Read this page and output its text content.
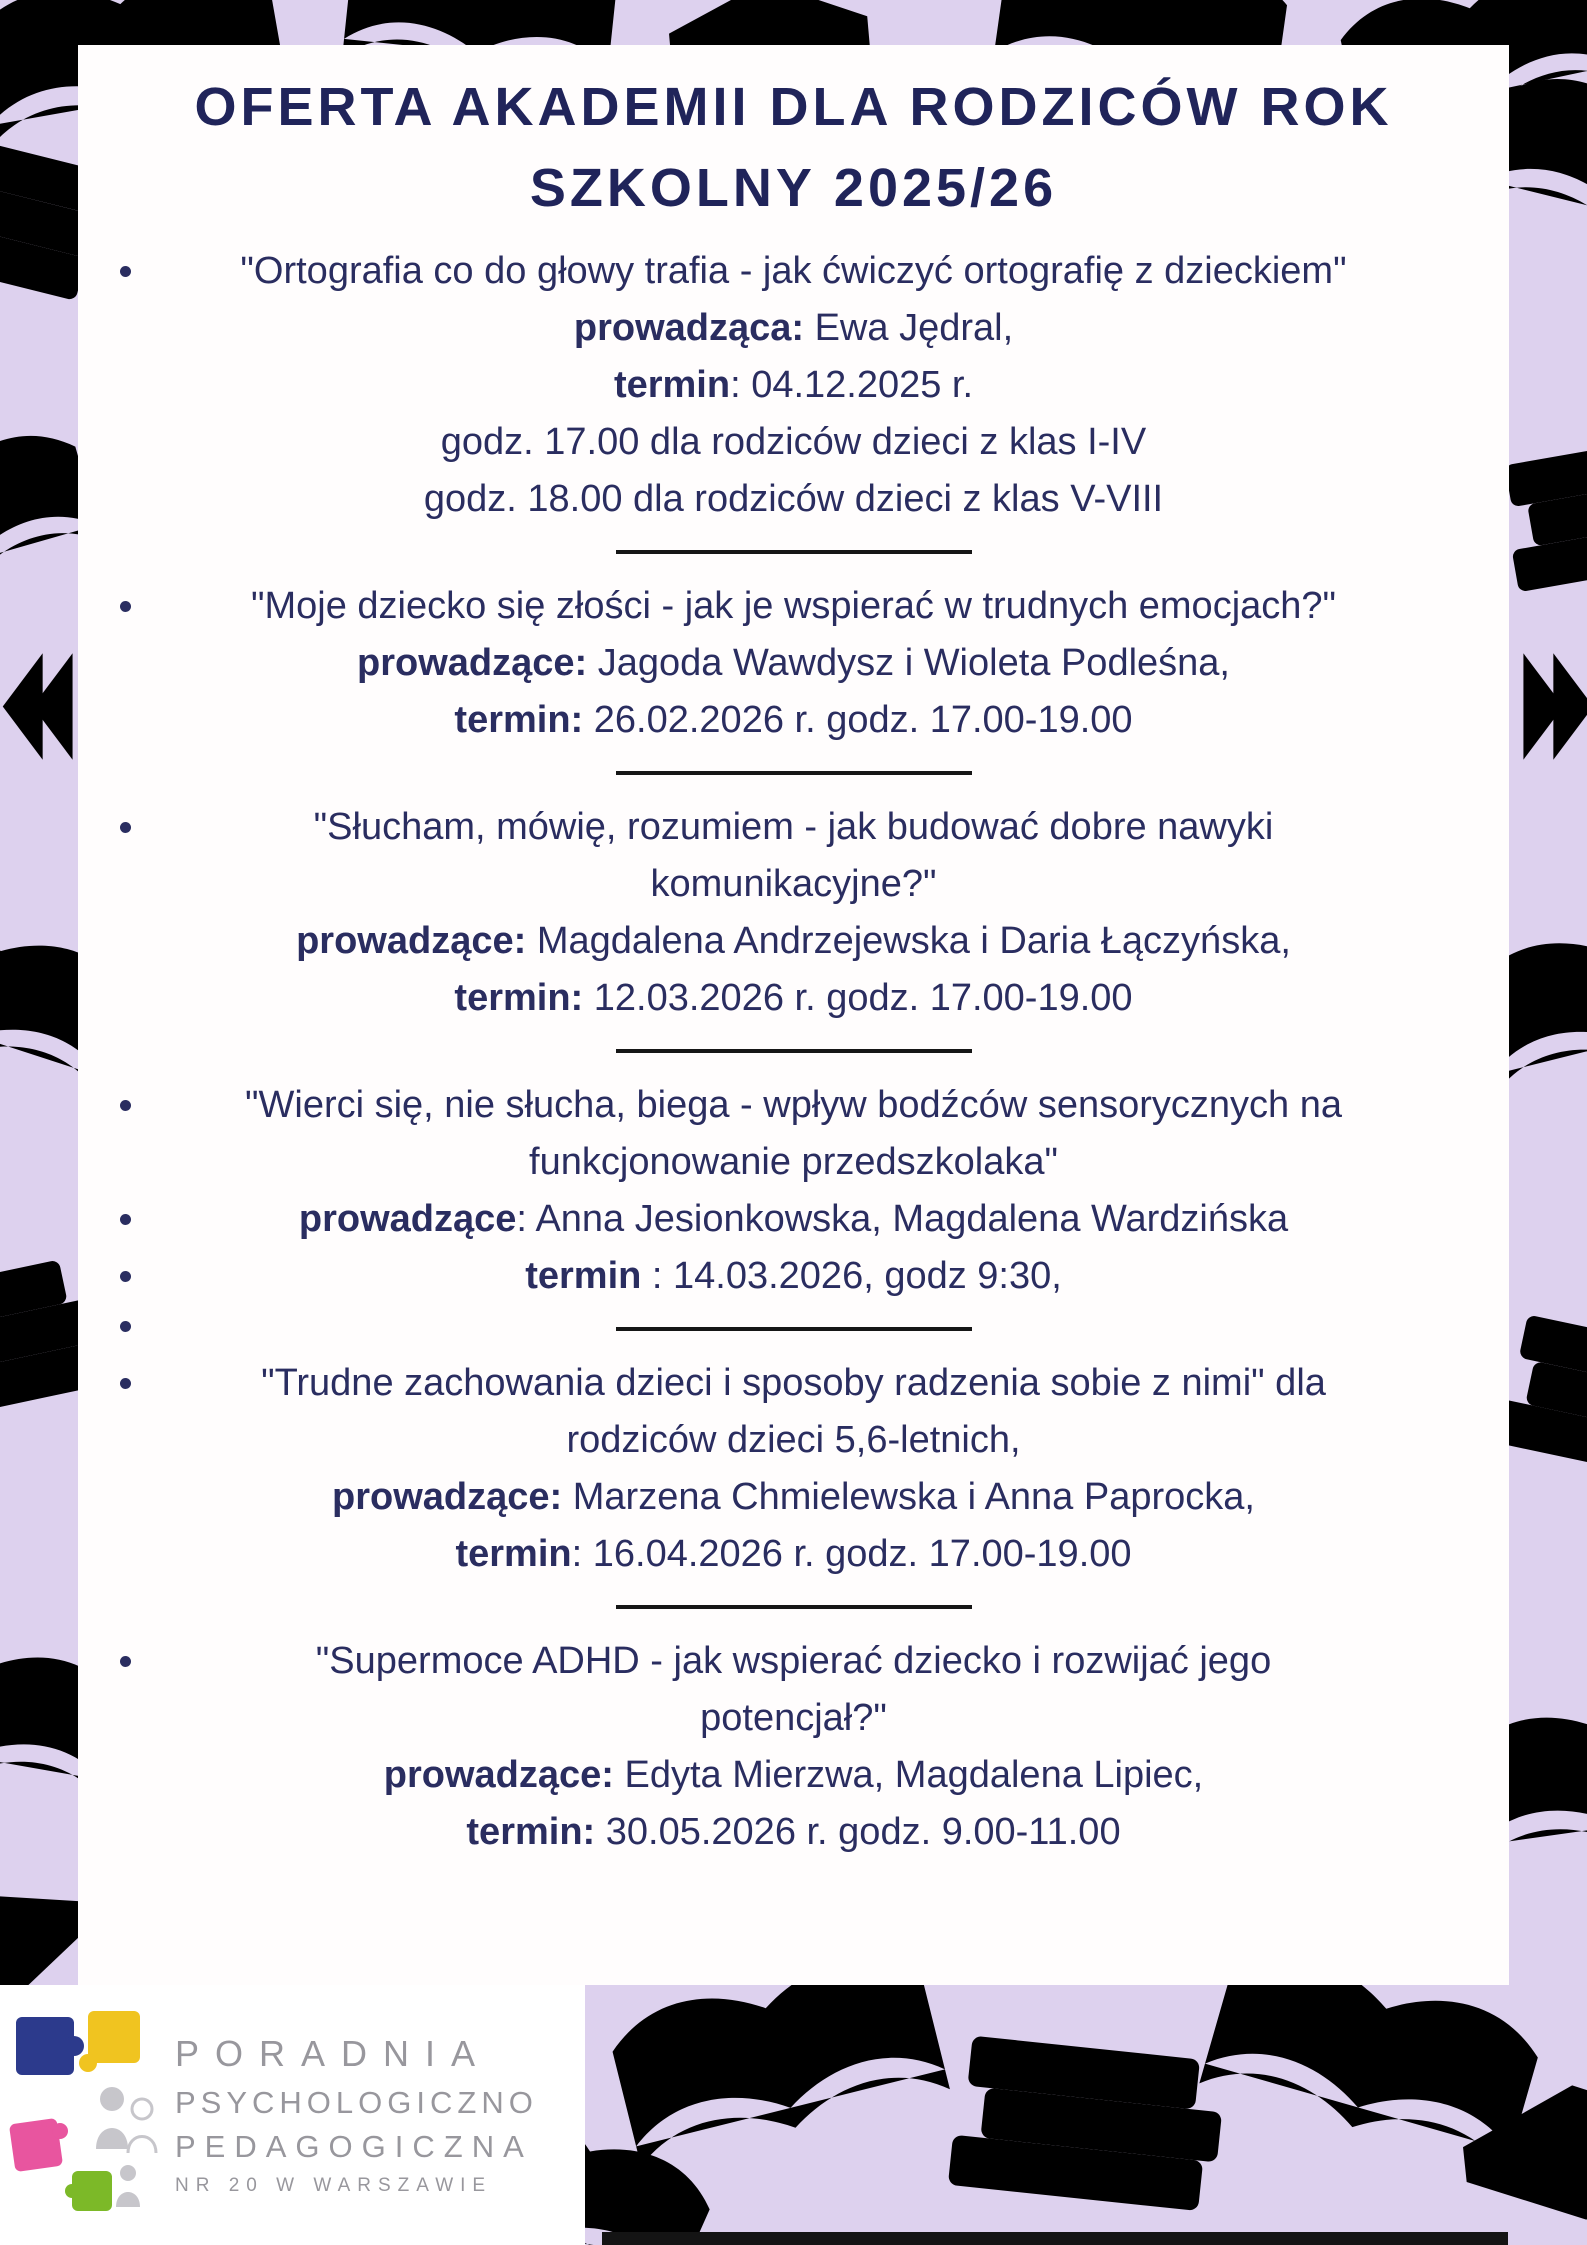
OFERTA AKADEMII DLA RODZICÓW ROK
SZKOLNY 2025/26
"Ortografia co do głowy trafia - jak ćwiczyć ortografię z dzieckiem"
prowadząca: Ewa Jędral,
termin: 04.12.2025 r.
godz. 17.00 dla rodziców dzieci z klas I-IV
godz. 18.00 dla rodziców dzieci z klas V-VIII
"Moje dziecko się złości - jak je wspierać w trudnych emocjach?"
prowadzące: Jagoda Wawdysz i Wioleta Podleśna,
termin: 26.02.2026 r. godz. 17.00-19.00
"Słucham, mówię, rozumiem - jak budować dobre nawyki
komunikacyjne?"
prowadzące: Magdalena Andrzejewska i Daria Łączyńska,
termin: 12.03.2026 r. godz. 17.00-19.00
"Wierci się, nie słucha, biega - wpływ bodźców sensorycznych na
funkcjonowanie przedszkolaka"
prowadzące: Anna Jesionkowska, Magdalena Wardzińska
termin : 14.03.2026, godz 9:30,
"Trudne zachowania dzieci i sposoby radzenia sobie z nimi" dla
rodziców dzieci 5,6-letnich,
prowadzące: Marzena Chmielewska i Anna Paprocka,
termin: 16.04.2026 r. godz. 17.00-19.00
"Supermoce ADHD - jak wspierać dziecko i rozwijać jego
potencjał?"
prowadzące: Edyta Mierzwa, Magdalena Lipiec,
termin: 30.05.2026 r. godz. 9.00-11.00
PORADNIA
PSYCHOLOGICZNO
PEDAGOGICZNA
NR 20 W WARSZAWIE
